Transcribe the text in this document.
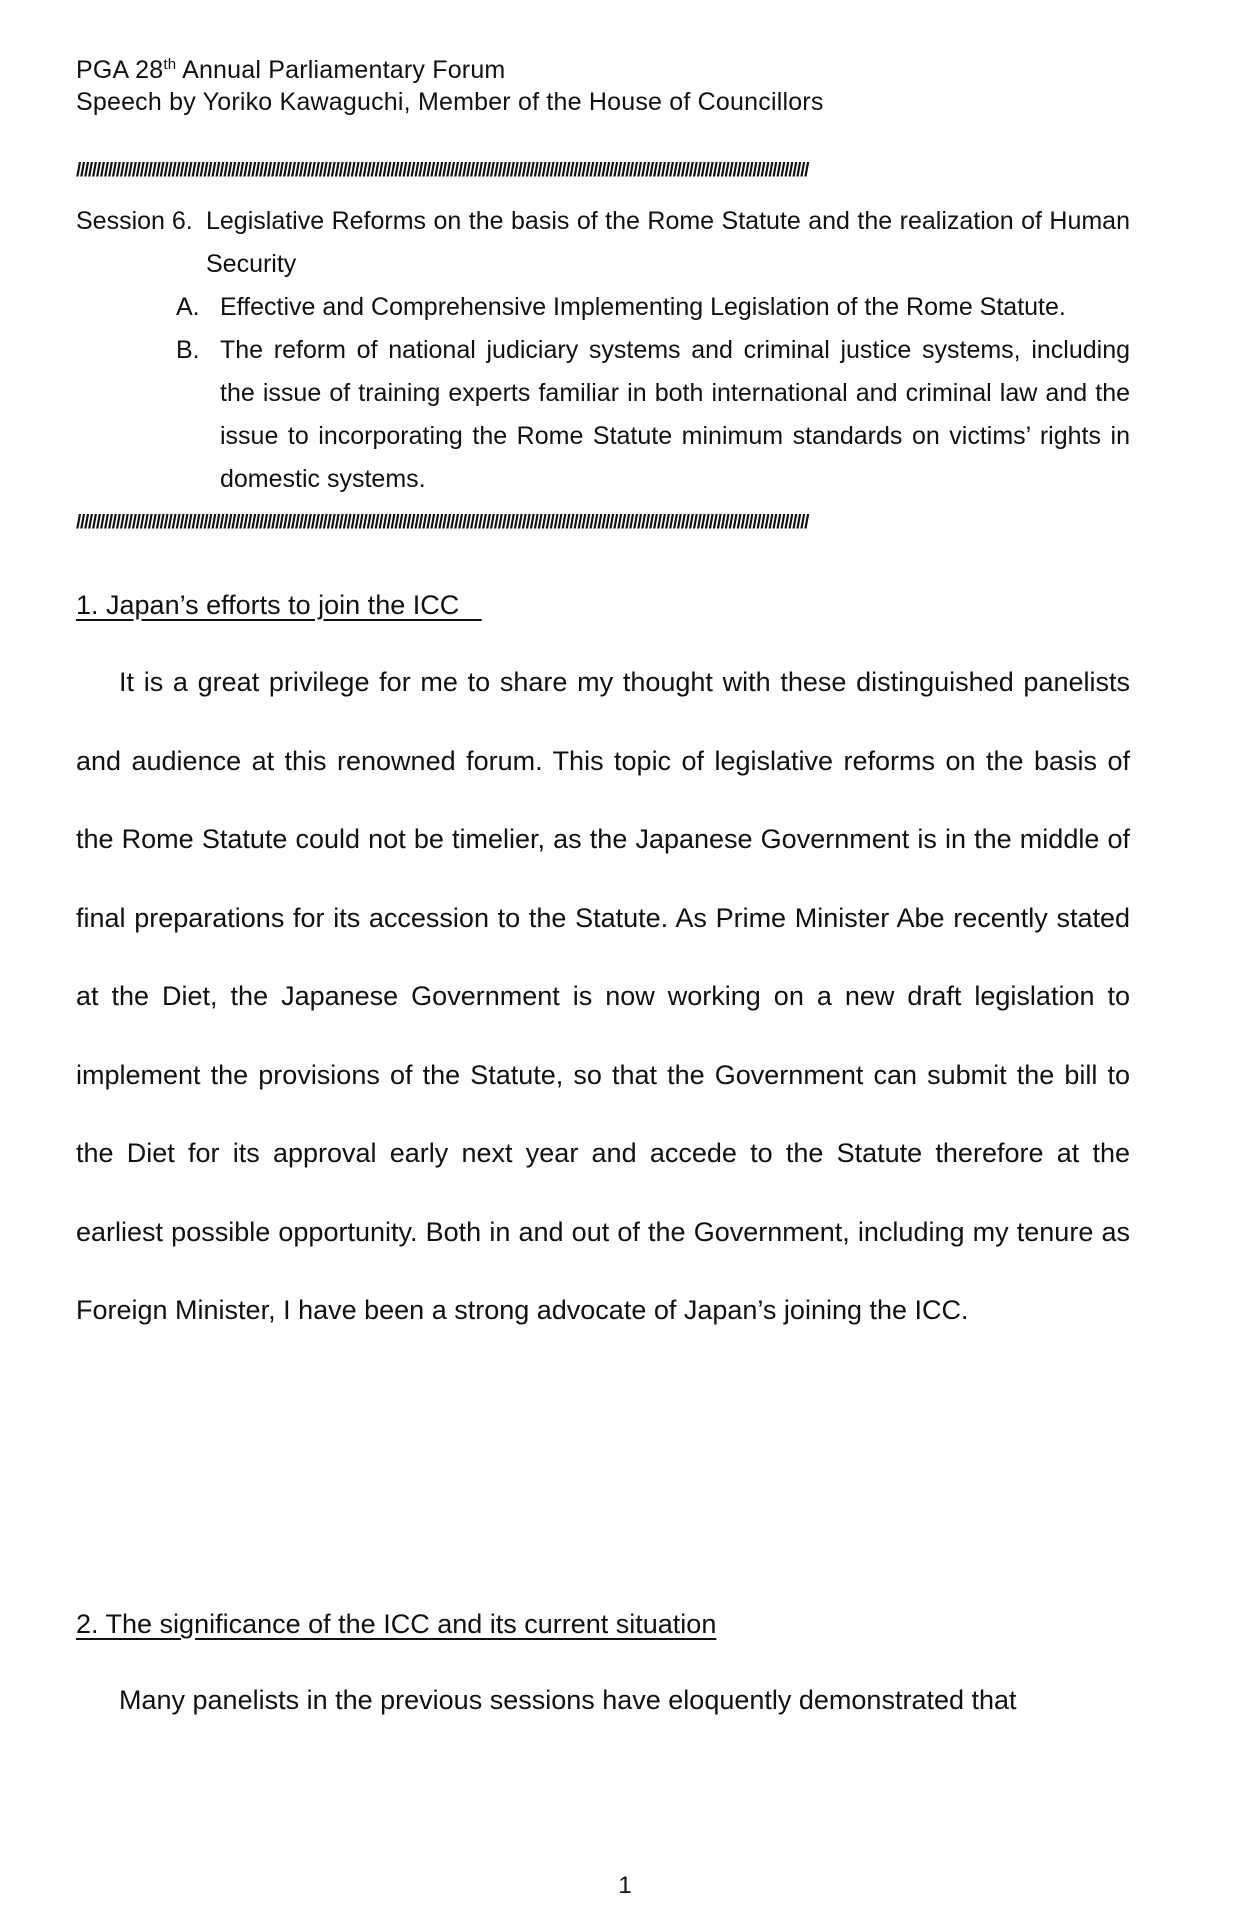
PGA 28th Annual Parliamentary Forum
Speech by Yoriko Kawaguchi, Member of the House of Councillors
////////////////////////////////////////////////////////////////////////////////////////////////////////////////////////////////////////////////////////////////////////////////////////
Session 6. Legislative Reforms on the basis of the Rome Statute and the realization of Human Security
A. Effective and Comprehensive Implementing Legislation of the Rome Statute.
B. The reform of national judiciary systems and criminal justice systems, including the issue of training experts familiar in both international and criminal law and the issue to incorporating the Rome Statute minimum standards on victims’ rights in domestic systems.
////////////////////////////////////////////////////////////////////////////////////////////////////////////////////////////////////////////////////////////////////////////////////////
1. Japan’s efforts to join the ICC

It is a great privilege for me to share my thought with these distinguished panelists and audience at this renowned forum. This topic of legislative reforms on the basis of the Rome Statute could not be timelier, as the Japanese Government is in the middle of final preparations for its accession to the Statute. As Prime Minister Abe recently stated at the Diet, the Japanese Government is now working on a new draft legislation to implement the provisions of the Statute, so that the Government can submit the bill to the Diet for its approval early next year and accede to the Statute therefore at the earliest possible opportunity. Both in and out of the Government, including my tenure as Foreign Minister, I have been a strong advocate of Japan’s joining the ICC.

2. The significance of the ICC and its current situation

Many panelists in the previous sessions have eloquently demonstrated that

1
